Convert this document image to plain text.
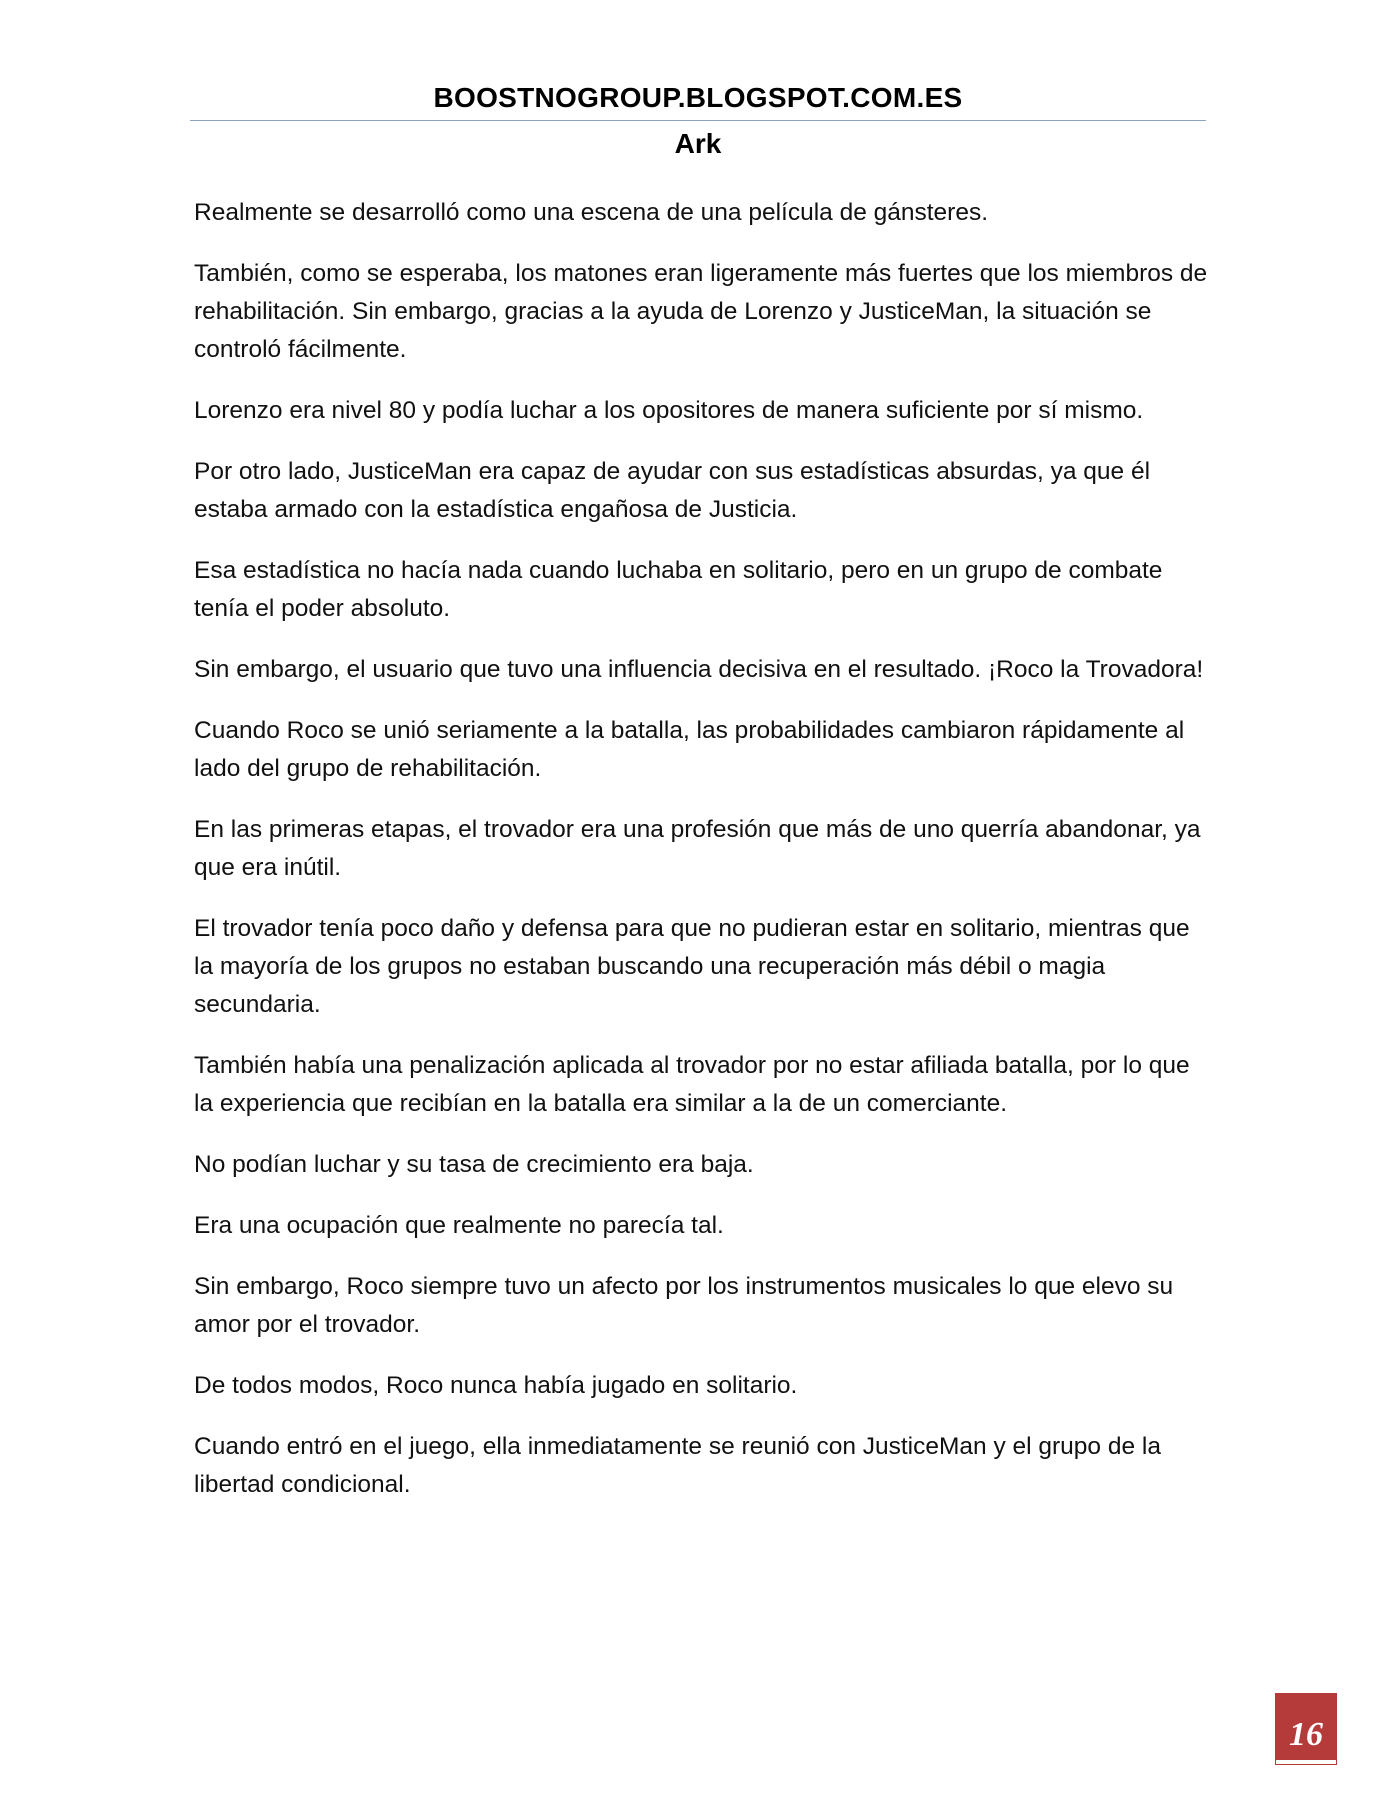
BOOSTNOGROUP.BLOGSPOT.COM.ES
Ark

Realmente se desarrolló como una escena de una película de gánsteres.

También, como se esperaba, los matones eran ligeramente más fuertes que los miembros de rehabilitación. Sin embargo, gracias a la ayuda de Lorenzo y JusticeMan, la situación se controló fácilmente.

Lorenzo era nivel 80 y podía luchar a los opositores de manera suficiente por sí mismo.

Por otro lado, JusticeMan era capaz de ayudar con sus estadísticas absurdas, ya que él estaba armado con la estadística engañosa de Justicia.

Esa estadística no hacía nada cuando luchaba en solitario, pero en un grupo de combate tenía el poder absoluto.

Sin embargo, el usuario que tuvo una influencia decisiva en el resultado. ¡Roco la Trovadora!

Cuando Roco se unió seriamente a la batalla, las probabilidades cambiaron rápidamente al lado del grupo de rehabilitación.

En las primeras etapas, el trovador era una profesión que más de uno querría abandonar, ya que era inútil.

El trovador tenía poco daño y defensa para que no pudieran estar en solitario, mientras que la mayoría de los grupos no estaban buscando una recuperación más débil o magia secundaria.

También había una penalización aplicada al trovador por no estar afiliada batalla, por lo que la experiencia que recibían en la batalla era similar a la de un comerciante.

No podían luchar y su tasa de crecimiento era baja.

Era una ocupación que realmente no parecía tal.

Sin embargo, Roco siempre tuvo un afecto por los instrumentos musicales lo que elevo su amor por el trovador.

De todos modos, Roco nunca había jugado en solitario.

Cuando entró en el juego, ella inmediatamente se reunió con JusticeMan y el grupo de la libertad condicional.

16
